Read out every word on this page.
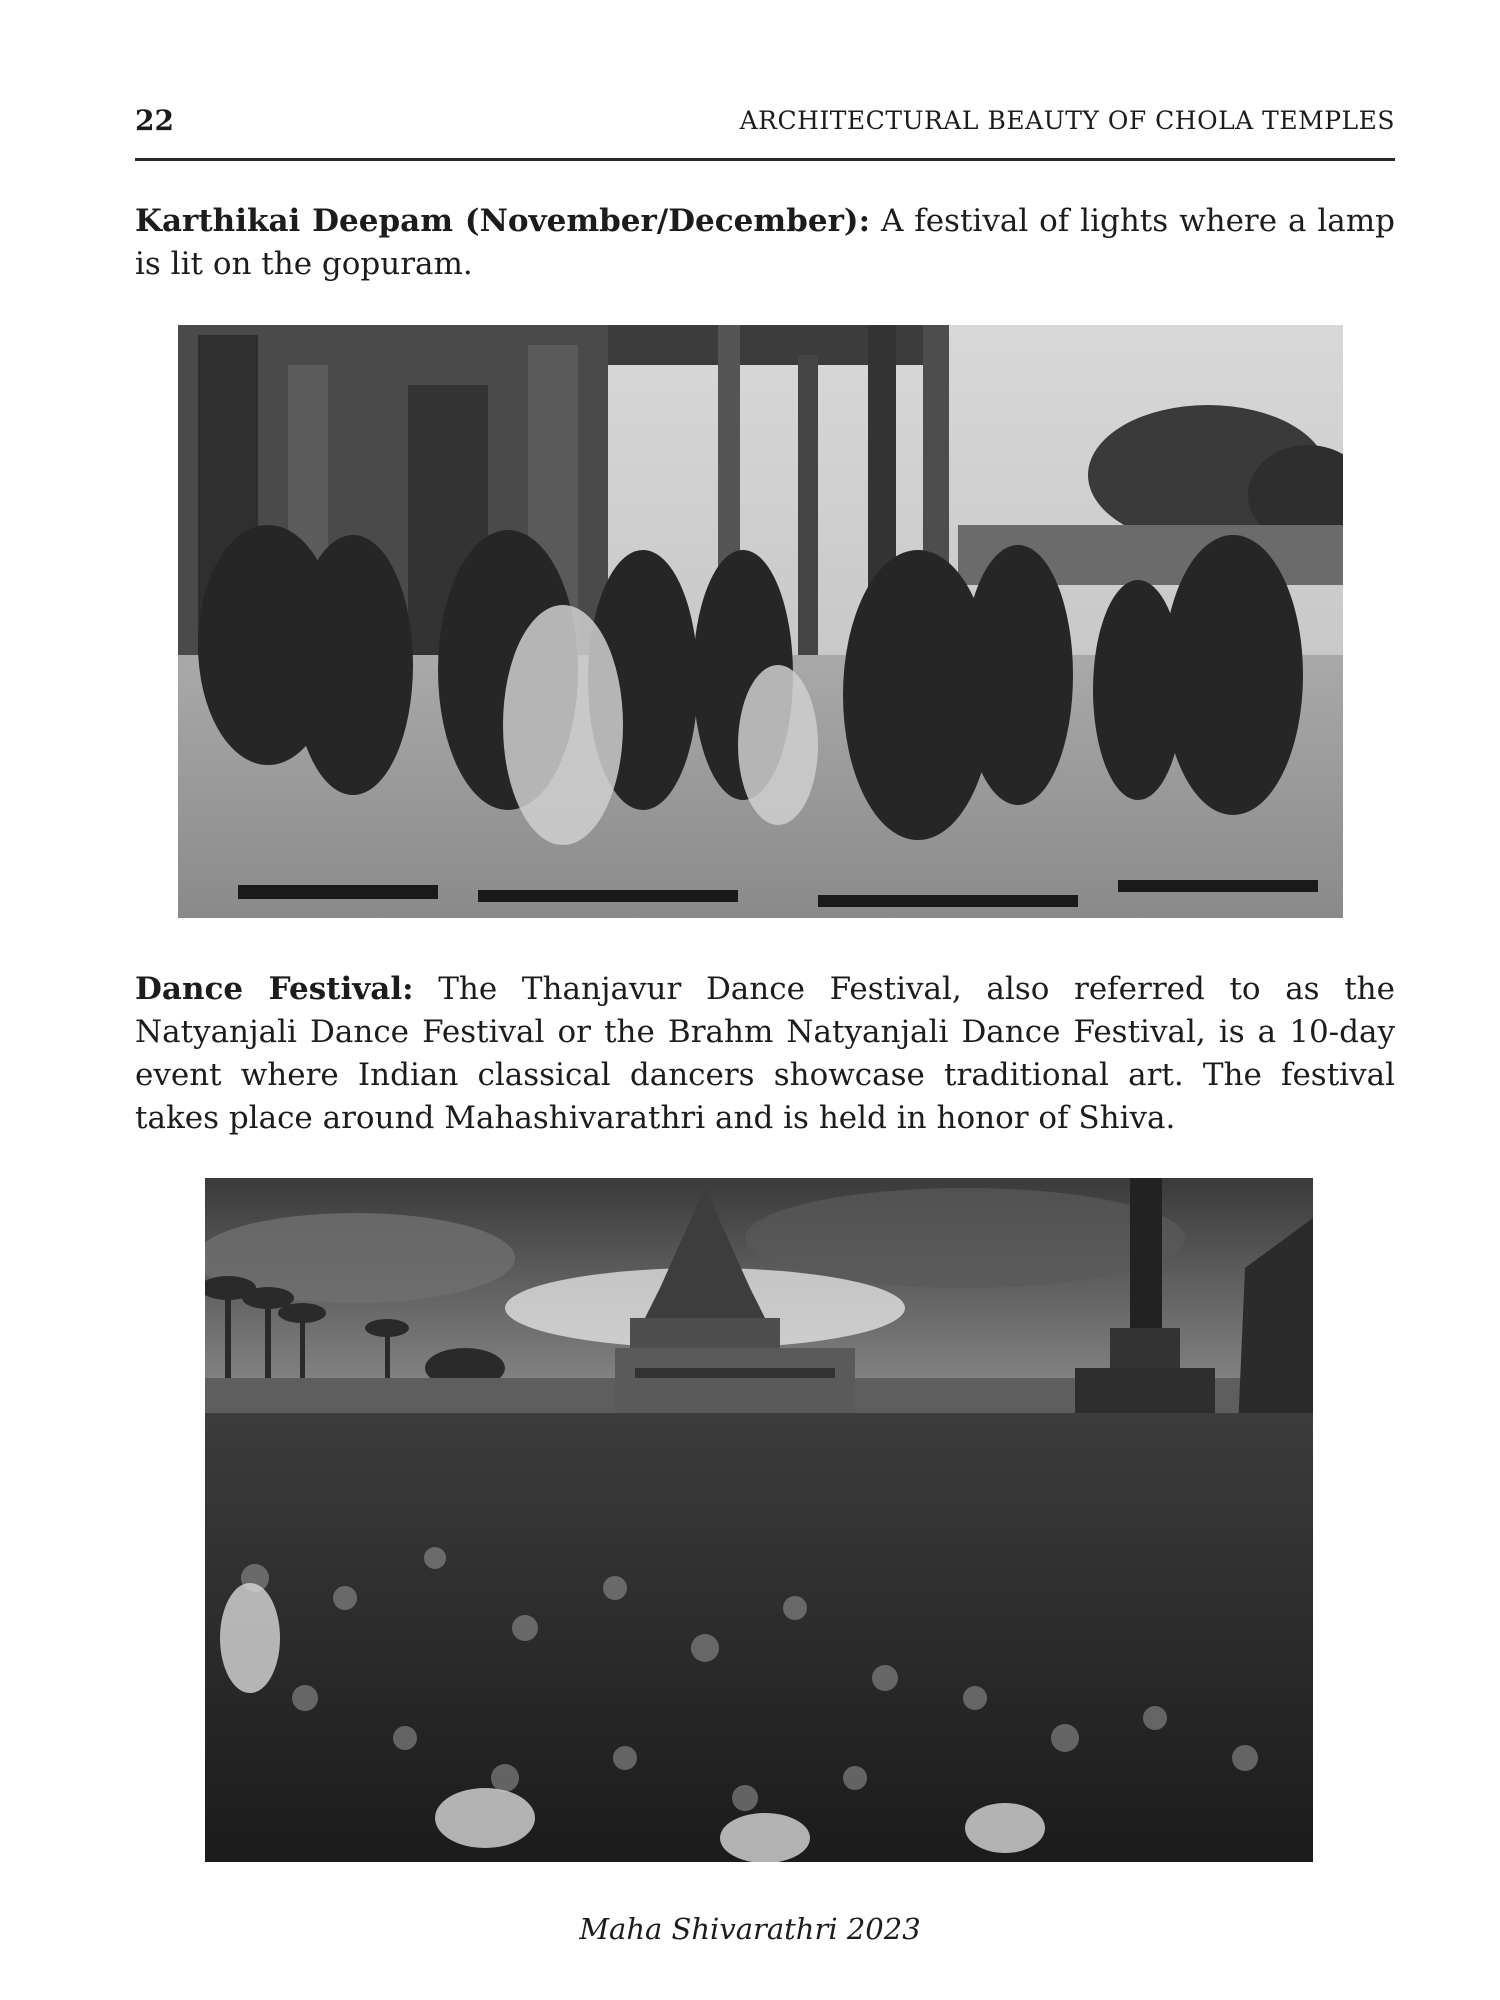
22	ARCHITECTURAL BEAUTY OF CHOLA TEMPLES

Karthikai Deepam (November/December): A festival of lights where a lamp is lit on the gopuram.

Dance Festival: The Thanjavur Dance Festival, also referred to as the Natyanjali Dance Festival or the Brahm Natyanjali Dance Festival, is a 10-day event where Indian classical dancers showcase traditional art. The festival takes place around Mahashivarathri and is held in honor of Shiva.

Maha Shivarathri 2023
